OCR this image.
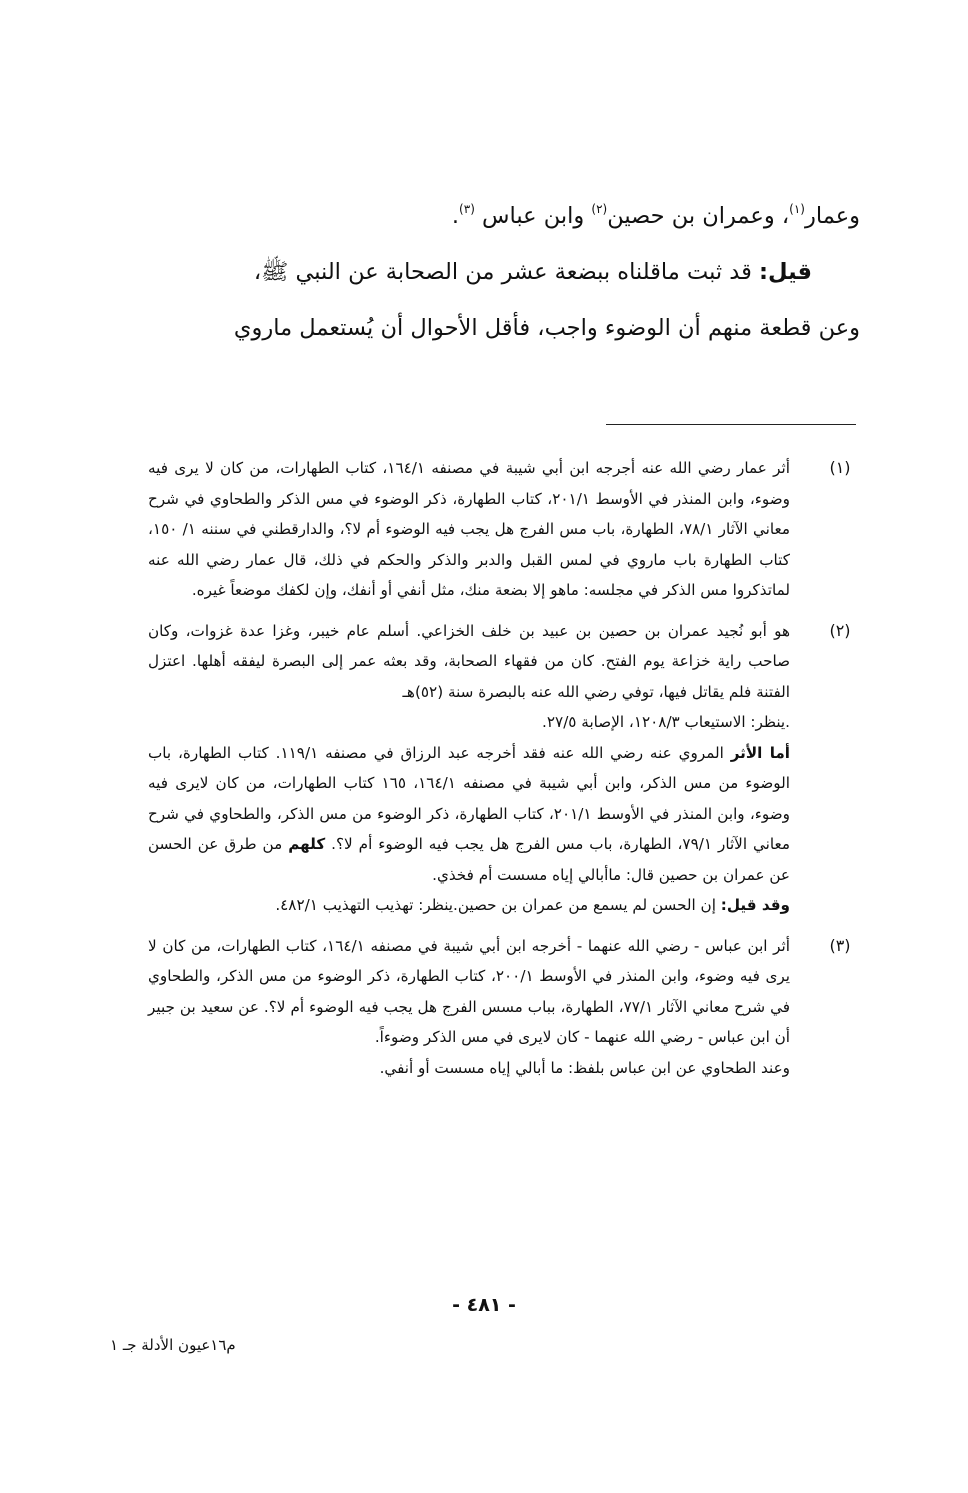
وعمار$^{(١)}$، وعمران بن حصين$^{(٢)}$ وابن عباس $^{(٣)}$.

قيل: قد ثبت ماقلناه ببضعة عشر من الصحابة عن النبي ﷺ،

وعن قطعة منهم أن الوضوء واجب، فأقل الأحوال أن يُستعمل ماروي

(١)

أثر عمار رضي الله عنه أجرجه ابن أبي شيبة في مصنفه ١٦٤/١، كتاب الطهارات، من كان لا يرى فيه وضوء، وابن المنذر في الأوسط ٢٠١/١، كتاب الطهارة، ذكر الوضوء في مس الذكر والطحاوي في شرح معاني الآثار ٧٨/١، الطهارة، باب مس الفرج هل يجب فيه الوضوء أم لا؟، والدارقطني في سننه ١/ ١٥٠، كتاب الطهارة باب ماروي في لمس القبل والدبر والذكر والحكم في ذلك، قال عمار رضي الله عنه لماتذكروا مس الذكر في مجلسه: ماهو إلا بضعة منك، مثل أنفي أو أنفك، وإن لكفك موضعاً غيره.

(٢)

هو أبو نُجيد عمران بن حصين بن عبيد بن خلف الخزاعي. أسلم عام خيبر، وغزا عدة غزوات، وكان صاحب راية خزاعة يوم الفتح. كان من فقهاء الصحابة، وقد بعثه عمر إلى البصرة ليفقه أهلها. اعتزل الفتنة فلم يقاتل فيها، توفي رضي الله عنه بالبصرة سنة (٥٢)هـ

.ينظر: الاستيعاب ١٢٠٨/٣، الإصابة ٢٧/٥.

أما الأثر المروي عنه رضي الله عنه فقد أخرجه عبد الرزاق في مصنفه ١١٩/١. كتاب الطهارة، باب الوضوء من مس الذكر، وابن أبي شيبة في مصنفه ١٦٤/١، ١٦٥ كتاب الطهارات، من كان لايرى فيه وضوء، وابن المنذر في الأوسط ٢٠١/١، كتاب الطهارة، ذكر الوضوء من مس الذكر، والطحاوي في شرح معاني الآثار ٧٩/١، الطهارة، باب مس الفرج هل يجب فيه الوضوء أم لا؟. كلهم من طرق عن الحسن عن عمران بن حصين قال: ماأبالي إياه مسست أم فخذي.

وقد قيل: إن الحسن لم يسمع من عمران بن حصين.ينظر: تهذيب التهذيب ٤٨٢/١.

(٣)

أثر ابن عباس - رضي الله عنهما - أخرجه ابن أبي شيبة في مصنفه ١٦٤/١، كتاب الطهارات، من كان لا يرى فيه وضوء، وابن المنذر في الأوسط ٢٠٠/١، كتاب الطهارة، ذكر الوضوء من مس الذكر، والطحاوي في شرح معاني الآثار ٧٧/١، الطهارة، بباب مسس الفرج هل يجب فيه الوضوء أم لا؟. عن سعيد بن جبير أن ابن عباس - رضي الله عنهما - كان لايرى في مس الذكر وضوءاً.

وعند الطحاوي عن ابن عباس بلفظ: ما أبالي إياه مسست أو أنفي.

- ٤٨١ -
م١٦عيون الأدلة جـ ١
